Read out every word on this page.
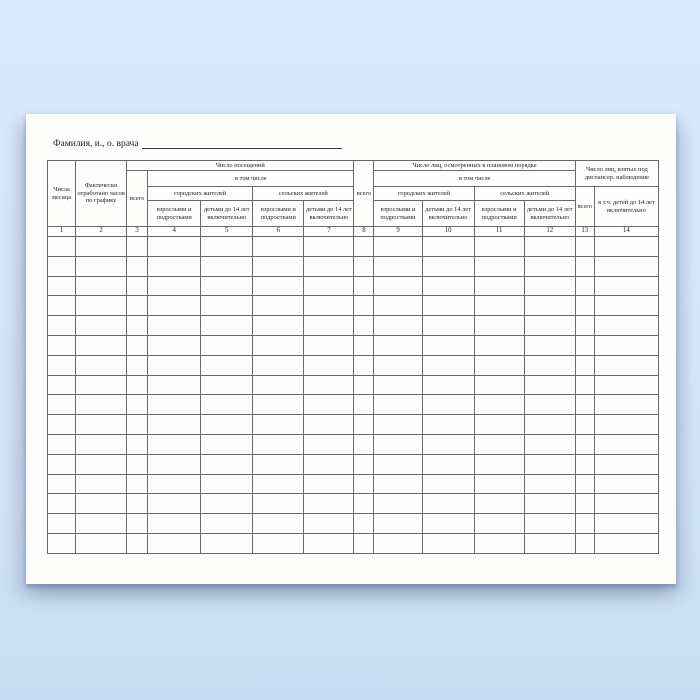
Фамилия, и., о. врача
Числа месяца	Фактически отработано часов по графику	Число посещений					всего	Число лиц, осмотренных в плановом порядке				Число лиц, взятых под диспансер. наблюдение	
		всего	в том числе					в том числе					
			городских жителей		сельских жителей			городских жителей		сельских жителей		всего	в т.ч. детей до 14 лет включительно
			взрослыми и подростками	детьми до 14 лет включительно	взрослыми и подростками	детьми до 14 лет включительно		взрослыми и подростками	детьми до 14 лет включительно	взрослыми и подростками	детьми до 14 лет включительно		
1	2	3	4	5	6	7	8	9	10	11	12	13	14
